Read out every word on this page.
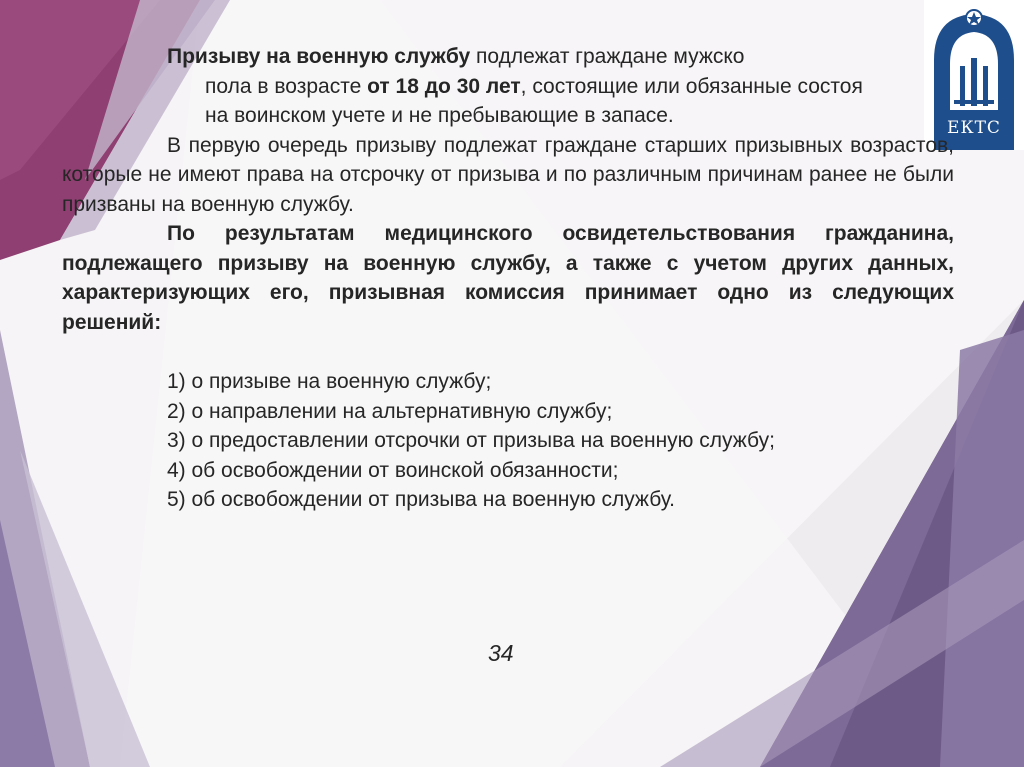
ЕКТС

Призыву на военную службу подлежат граждане мужско
пола в возрасте от 18 до 30 лет, состоящие или обязанные состоя
на воинском учете и не пребывающие в запасе.

В первую очередь призыву подлежат граждане старших призывных возрастов, которые не имеют права на отсрочку от призыва и по различным причинам ранее не были призваны на военную службу.

По результатам медицинского освидетельствования гражданина, подлежащего призыву на военную службу, а также с учетом других данных, характеризующих его, призывная комиссия принимает одно из следующих решений:

1) о призыве на военную службу;
2) о направлении на альтернативную службу;
3) о предоставлении отсрочки от призыва на военную службу;
4) об освобождении от воинской обязанности;
5) об освобождении от призыва на военную службу.
34
